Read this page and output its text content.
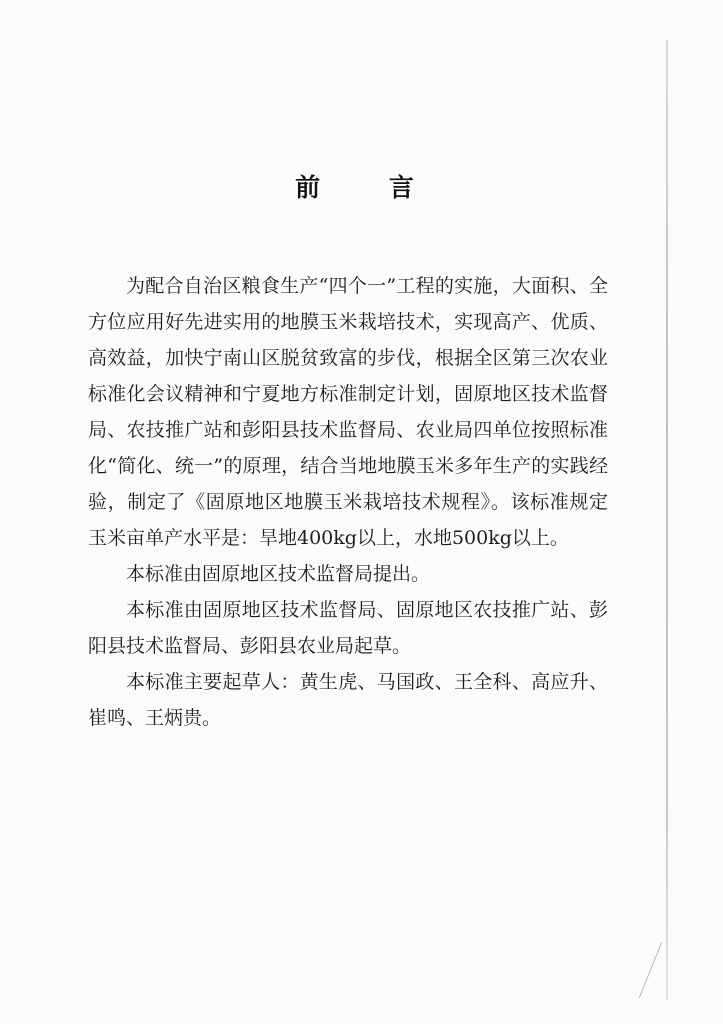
前 言

为配合自治区粮食生产“四个一”工程的实施，大面积、全方位应用好先进实用的地膜玉米栽培技术，实现高产、优质、高效益，加快宁南山区脱贫致富的步伐，根据全区第三次农业标准化会议精神和宁夏地方标准制定计划，固原地区技术监督局、农技推广站和彭阳县技术监督局、农业局四单位按照标准化“简化、统一”的原理，结合当地地膜玉米多年生产的实践经验，制定了《固原地区地膜玉米栽培技术规程》。该标准规定玉米亩单产水平是：旱地400kg以上，水地500kg以上。

本标准由固原地区技术监督局提出。

本标准由固原地区技术监督局、固原地区农技推广站、彭阳县技术监督局、彭阳县农业局起草。

本标准主要起草人：黄生虎、马国政、王全科、高应升、崔鸣、王炳贵。
